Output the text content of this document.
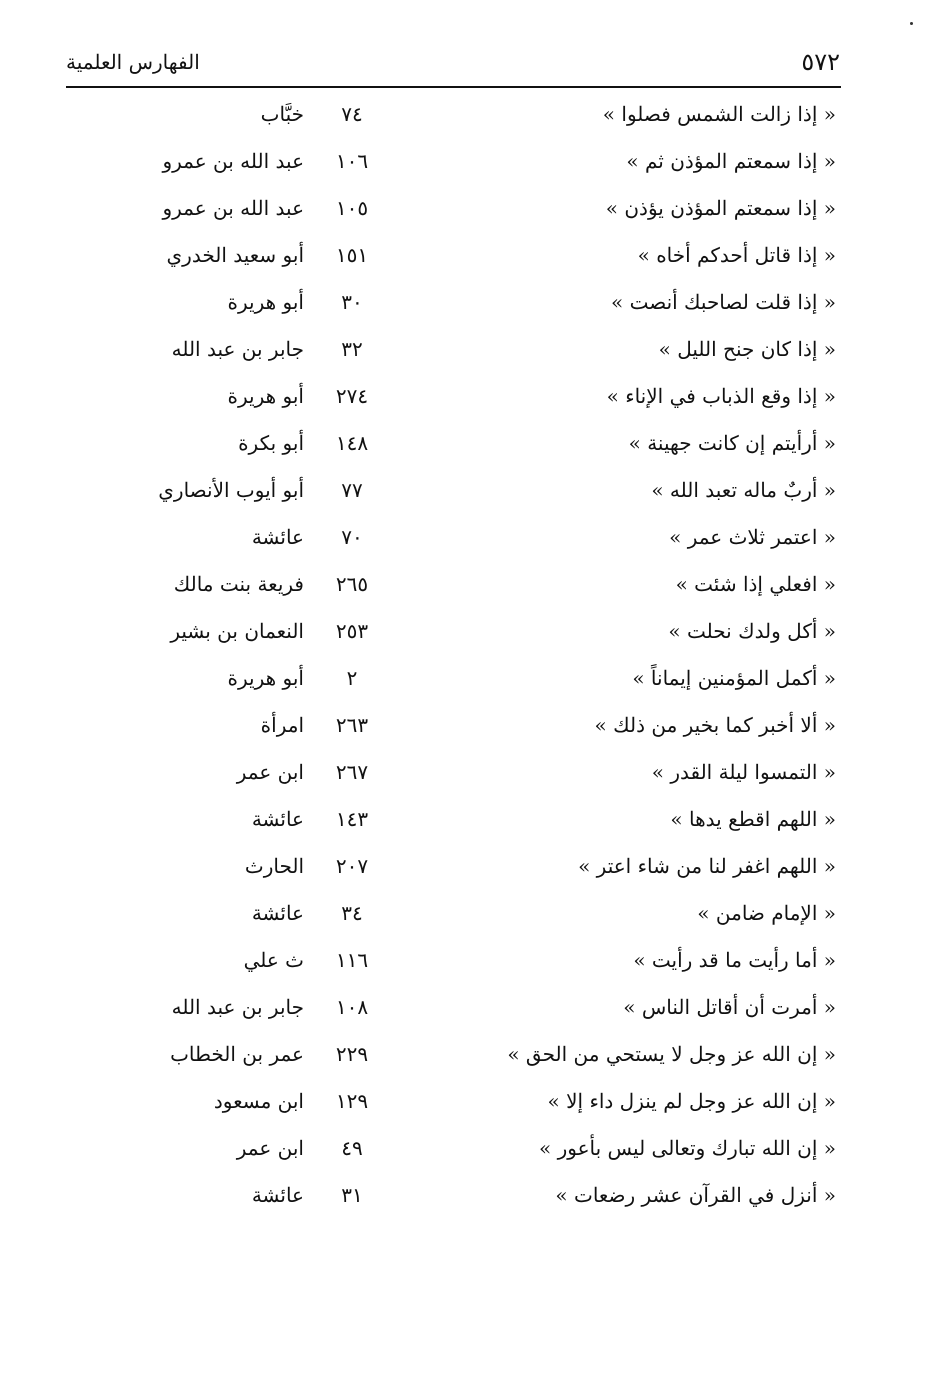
٥٧٢
الفهارس العلمية
« إذا زالت الشمس فصلوا »
٧٤
خبَّاب
« إذا سمعتم المؤذن ثم »
١٠٦
عبد الله بن عمرو
« إذا سمعتم المؤذن يؤذن »
١٠٥
عبد الله بن عمرو
« إذا قاتل أحدكم أخاه »
١٥١
أبو سعيد الخدري
« إذا قلت لصاحبك أنصت »
٣٠
أبو هريرة
« إذا كان جنح الليل »
٣٢
جابر بن عبد الله
« إذا وقع الذباب في الإناء »
٢٧٤
أبو هريرة
« أرأيتم إن كانت جهينة »
١٤٨
أبو بكرة
« أربٌ ماله تعبد الله »
٧٧
أبو أيوب الأنصاري
« اعتمر ثلاث عمر »
٧٠
عائشة
« افعلي إذا شئت »
٢٦٥
فريعة بنت مالك
« أكل ولدك نحلت »
٢٥٣
النعمان بن بشير
« أكمل المؤمنين إيماناً »
٢
أبو هريرة
« ألا أخبر كما بخير من ذلك »
٢٦٣
امرأة
« التمسوا ليلة القدر »
٢٦٧
ابن عمر
« اللهم اقطع يدها »
١٤٣
عائشة
« اللهم اغفر لنا من شاء اعتر »
٢٠٧
الحارث
« الإمام ضامن »
٣٤
عائشة
« أما رأيت ما قد رأيت »
١١٦
ث علي
« أمرت أن أقاتل الناس »
١٠٨
جابر بن عبد الله
« إن الله عز وجل لا يستحي من الحق »
٢٢٩
عمر بن الخطاب
« إن الله عز وجل لم ينزل داء إلا »
١٢٩
ابن مسعود
« إن الله تبارك وتعالى ليس بأعور »
٤٩
ابن عمر
« أنزل في القرآن عشر رضعات »
٣١
عائشة
